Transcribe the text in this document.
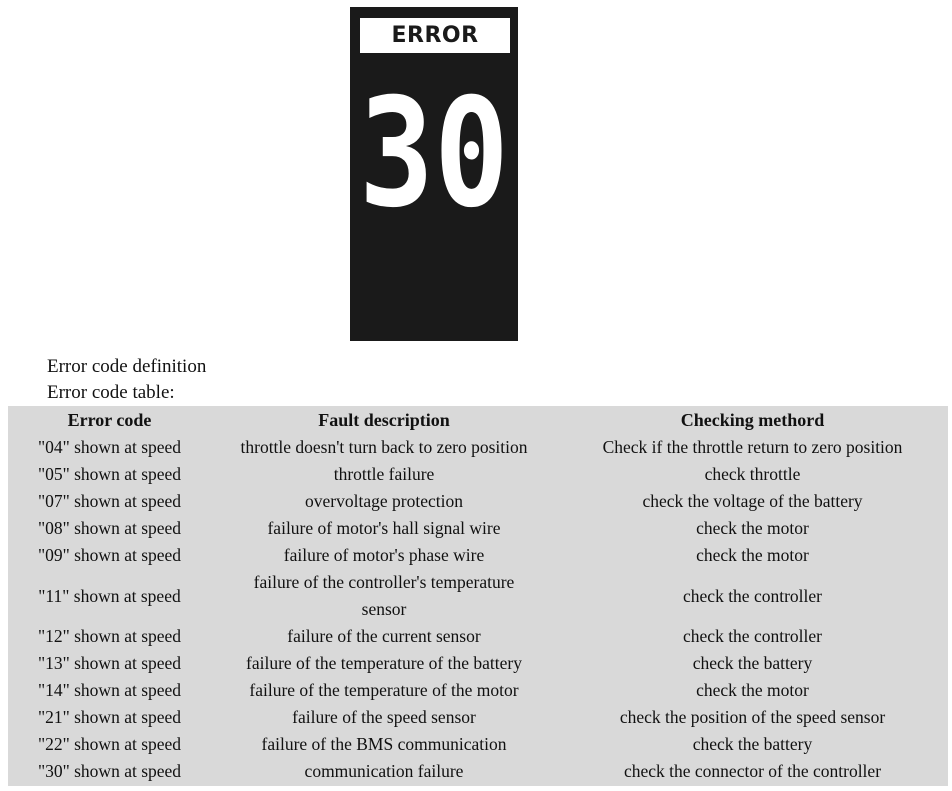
ERROR
30
Error code definition
Error code table:
Error code	Fault description	Checking methord
"04" shown at speed	throttle doesn't turn back to zero position	Check if the throttle return to zero position
"05" shown at speed	throttle failure	check throttle
"07" shown at speed	overvoltage protection	check the voltage of the battery
"08" shown at speed	failure of motor's hall signal wire	check the motor
"09" shown at speed	failure of motor's phase wire	check the motor
"11" shown at speed	failure of the controller's temperature sensor	check the controller
"12" shown at speed	failure of the current sensor	check the controller
"13" shown at speed	failure of the temperature of the battery	check the battery
"14" shown at speed	failure of the temperature of the motor	check the motor
"21" shown at speed	failure of the speed sensor	check the position of the speed sensor
"22" shown at speed	failure of the BMS communication	check the battery
"30" shown at speed	communication failure	check the connector of the controller
